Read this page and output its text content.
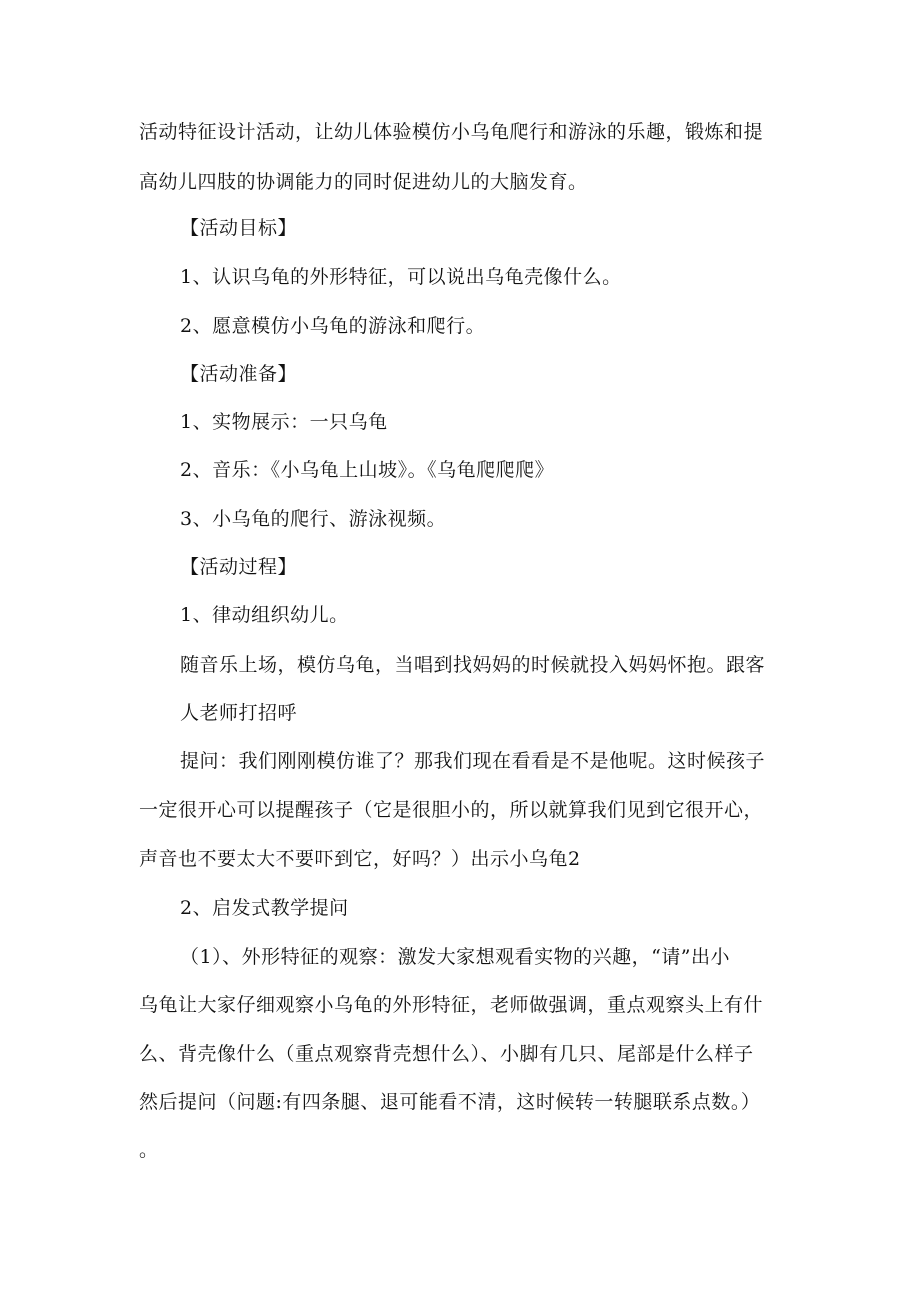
活动特征设计活动，让幼儿体验模仿小乌龟爬行和游泳的乐趣，锻炼和提
高幼儿四肢的协调能力的同时促进幼儿的大脑发育。
【活动目标】
1、认识乌龟的外形特征，可以说出乌龟壳像什么。
2、愿意模仿小乌龟的游泳和爬行。
【活动准备】
1、实物展示：一只乌龟
2、音乐：《小乌龟上山坡》。《乌龟爬爬爬》
3、小乌龟的爬行、游泳视频。
【活动过程】
1、律动组织幼儿。
随音乐上场，模仿乌龟，当唱到找妈妈的时候就投入妈妈怀抱。跟客
人老师打招呼
提问：我们刚刚模仿谁了？那我们现在看看是不是他呢。这时候孩子
一定很开心可以提醒孩子（它是很胆小的，所以就算我们见到它很开心，
声音也不要太大不要吓到它，好吗？）出示小乌龟2
2、启发式教学提问
（1）、外形特征的观察：激发大家想观看实物的兴趣，“请”出小
乌龟让大家仔细观察小乌龟的外形特征，老师做强调，重点观察头上有什
么、背壳像什么（重点观察背壳想什么）、小脚有几只、尾部是什么样子
然后提问（问题:有四条腿、退可能看不清，这时候转一转腿联系点数。）
。
